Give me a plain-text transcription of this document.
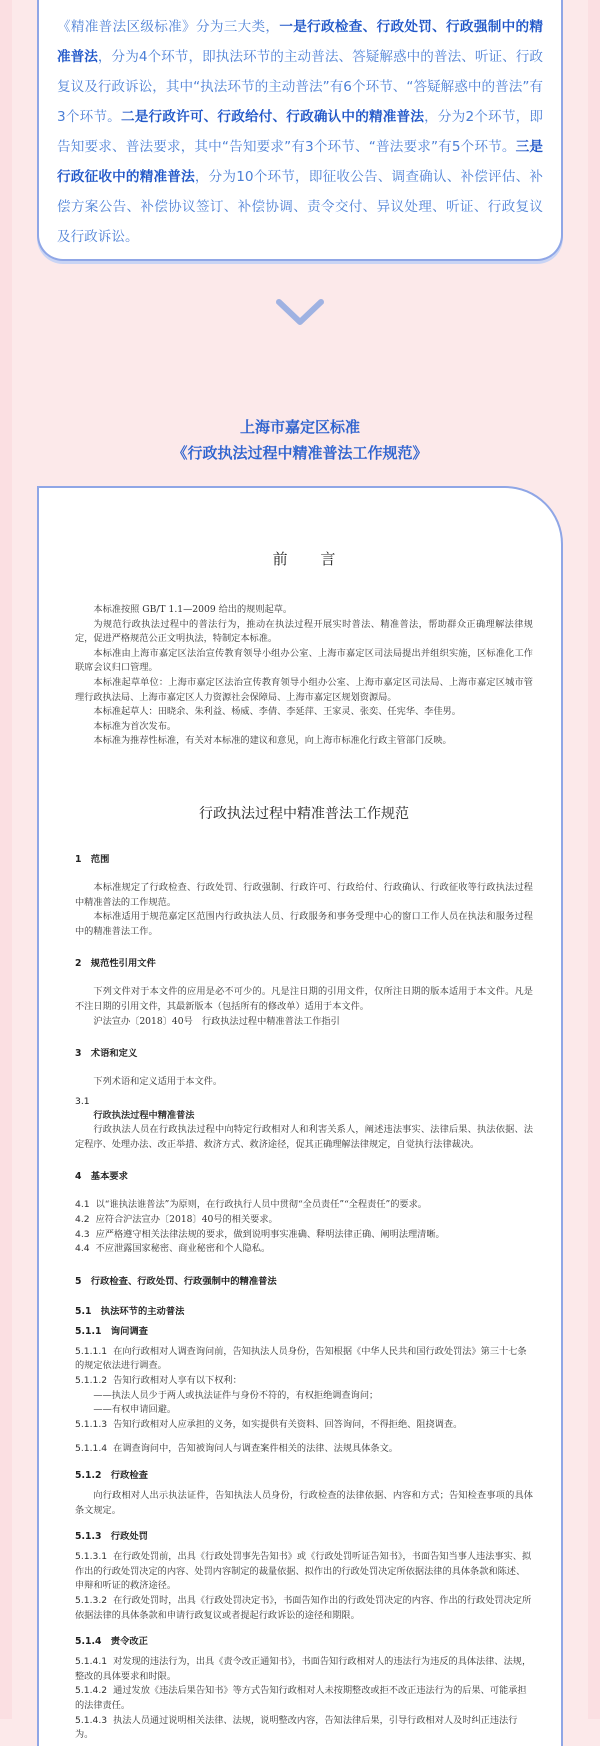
《精准普法区级标准》分为三大类，一是行政检查、行政处罚、行政强制中的精准普法，分为4个环节，即执法环节的主动普法、答疑解惑中的普法、听证、行政复议及行政诉讼，其中“执法环节的主动普法”有6个环节、“答疑解惑中的普法”有3个环节。二是行政许可、行政给付、行政确认中的精准普法，分为2个环节，即告知要求、普法要求，其中“告知要求”有3个环节、“普法要求”有5个环节。三是行政征收中的精准普法，分为10个环节，即征收公告、调查确认、补偿评估、补偿方案公告、补偿协议签订、补偿协调、责令交付、异议处理、听证、行政复议及行政诉讼。

上海市嘉定区标准
《行政执法过程中精准普法工作规范》
前 言

本标准按照 GB/T 1.1—2009 给出的规则起草。

为规范行政执法过程中的普法行为，推动在执法过程开展实时普法、精准普法，帮助群众正确理解法律规定，促进严格规范公正文明执法，特制定本标准。

本标准由上海市嘉定区法治宣传教育领导小组办公室、上海市嘉定区司法局提出并组织实施，区标准化工作联席会议归口管理。

本标准起草单位：上海市嘉定区法治宣传教育领导小组办公室、上海市嘉定区司法局、上海市嘉定区城市管理行政执法局、上海市嘉定区人力资源社会保障局、上海市嘉定区规划资源局。

本标准起草人：田晓余、朱利益、杨威、李倩、李延萍、王家灵、张奕、任宪华、李佳男。

本标准为首次发布。

本标准为推荐性标准，有关对本标准的建议和意见，向上海市标准化行政主管部门反映。

行政执法过程中精准普法工作规范
1　范围

本标准规定了行政检查、行政处罚、行政强制、行政许可、行政给付、行政确认、行政征收等行政执法过程中精准普法的工作规范。

本标准适用于规范嘉定区范围内行政执法人员、行政服务和事务受理中心的窗口工作人员在执法和服务过程中的精准普法工作。

2　规范性引用文件

下列文件对于本文件的应用是必不可少的。凡是注日期的引用文件，仅所注日期的版本适用于本文件。凡是不注日期的引用文件，其最新版本（包括所有的修改单）适用于本文件。

沪法宣办〔2018〕40号　行政执法过程中精准普法工作指引

3　术语和定义

下列术语和定义适用于本文件。

3.1

行政执法过程中精准普法

行政执法人员在行政执法过程中向特定行政相对人和利害关系人，阐述违法事实、法律后果、执法依据、法定程序、处理办法、改正举措、救济方式、救济途径，促其正确理解法律规定，自觉执行法律裁决。

4　基本要求

4.1 以“谁执法谁普法”为原则，在行政执行人员中贯彻“全员责任”“全程责任”的要求。

4.2 应符合沪法宣办〔2018〕40号的相关要求。

4.3 应严格遵守相关法律法规的要求，做到说明事实准确、释明法律正确、阐明法理清晰。

4.4 不应泄露国家秘密、商业秘密和个人隐私。

5　行政检查、行政处罚、行政强制中的精准普法
5.1　执法环节的主动普法
5.1.1　询问调查

5.1.1.1 在向行政相对人调查询问前，告知执法人员身份，告知根据《中华人民共和国行政处罚法》第三十七条的规定依法进行调查。

5.1.1.2 告知行政相对人享有以下权利：

——执法人员少于两人或执法证件与身份不符的，有权拒绝调查询问；

——有权申请回避。

5.1.1.3 告知行政相对人应承担的义务，如实提供有关资料、回答询问，不得拒绝、阻挠调查。

5.1.1.4 在调查询问中，告知被询问人与调查案件相关的法律、法规具体条文。

5.1.2　行政检查

向行政相对人出示执法证件，告知执法人员身份，行政检查的法律依据、内容和方式；告知检查事项的具体条文规定。

5.1.3　行政处罚

5.1.3.1 在行政处罚前，出具《行政处罚事先告知书》或《行政处罚听证告知书》，书面告知当事人违法事实、拟作出的行政处罚决定的内容、处罚内容制定的裁量依据、拟作出的行政处罚决定所依据法律的具体条款和陈述、申辩和听证的救济途径。

5.1.3.2 在行政处罚时，出具《行政处罚决定书》，书面告知作出的行政处罚决定的内容、作出的行政处罚决定所依据法律的具体条款和申请行政复议或者提起行政诉讼的途径和期限。

5.1.4　责令改正

5.1.4.1 对发现的违法行为，出具《责令改正通知书》，书面告知行政相对人的违法行为违反的具体法律、法规，整改的具体要求和时限。

5.1.4.2 通过发放《违法后果告知书》等方式告知行政相对人未按期整改或拒不改正违法行为的后果、可能承担的法律责任。

5.1.4.3 执法人员通过说明相关法律、法规，说明整改内容，告知法律后果，引导行政相对人及时纠正违法行为。
